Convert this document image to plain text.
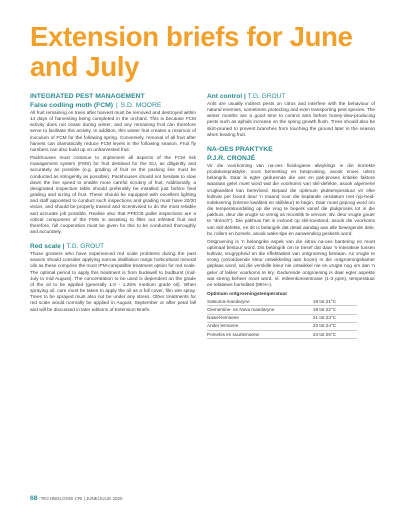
Extension briefs for June and July
INTEGRATED PEST MANAGEMENT
False codling moth (FCM) | S.D. MOORE

All fruit remaining on trees after harvest must be removed and destroyed within 14 days of harvesting being completed in the orchard. This is because FCM activity does not cease during winter, and any remaining fruit can therefore serve to facilitate this activity. In addition, this winter fruit creates a reservoir of inoculum of FCM for the following spring. Conversely, removal of all fruit after harvest can dramatically reduce FCM levels in the following season. Fruit fly numbers can also build up on unharvested fruit.

Packhouses must continue to implement all aspects of the FCM risk management system (FMS) for fruit destined for the EU, as diligently and accurately as possible (e.g. grading of fruit on the packing line must be conducted as stringently as possible). Packhouses should not hesitate to slow down the line speed to enable more careful scrutiny of fruit. Additionally, a designated inspection table should preferably be installed just before final grading and sizing of fruit. These should be equipped with excellent lighting and staff appointed to conduct such inspections and grading must have 20/20 vision, and should be properly trained and incentivised to do the most reliable and accurate job possible. Realise also that PPECB pallet inspections are a critical component of the FMS in assisting to filter out infested fruit and therefore, full cooperation must be given for this to be conducted thoroughly and accurately.

Red scale | T.G. GROUT

Those growers who have experienced red scale problems during the past season should consider applying narrow distillation range horticultural mineral oils as these comprise the most IPM-compatible treatment option for red scale. The optimal period to apply this treatment is from budswell to budburst (mid-July to mid-August). The concentration to be used is dependent on the grade of the oil to be applied (generally 1.0 - 1.25% medium grade oil). When spraying oil, care must be taken to apply the oil as a full cover, film wet spray. Trees to be sprayed must also not be under any stress. Other treatments for red scale would normally be applied in August, September or after petal fall and will be discussed in later editions of Extension Briefs.

Ant control | T.G. GROUT

Ants are usually indirect pests on citrus and interfere with the behaviour of natural enemies, sometimes protecting and even transporting pest species. The winter months are a good time to control ants before honey-dew-producing pests such as aphids increase on the spring growth flush. Trees should also be skirt-pruned to prevent branches from touching the ground later in the season when bearing fruit.

NA-OES PRAKTYKE
P.J.R. CRONJÉ

Vir die voorkoming van na-oes fisiologiese afwykings is die korrekte produksiepraktyke, soos bemesting en besproeiing, asook snoei, uiters belangrik. Daar is egter gedurende die oes en pak-proses kritieke faktore waaraan gelet moet word wat die voorkoms van skil-defekte, asook algemene vrugkwaliteit kan beïnvloed. Bepaal die optimum pluktemperatuur vir elke kultivar per boord deur 'n maand voor die beplande oesdatum met ryp-heid-indeksering (interne kwaliteit en skilkleur) te begin. Daar moet gepoog word om die temperatuurdaling op die vrug te beperk vanaf die plukproses tot in die pakhuis, deur die vrugte so vinnig as moontlik te vervoer. Bv. deur vrugte gouer te "drench"). Die pakhuis het in invloed op skil-toestand, asook die voorkoms van skil-defekte, en dit is belangrik dat detail aandag aan alle bewegende dele, bv. rollers en borsels, asook waks-tipe en aanwending geskenk word.

Ontgroening is 'n belangrike aspek van die sitrus na-oes hantering en moet optimaal bestuur word. Dis belangrik om te besef dat daar 'n interaksie tussen kultivar, vrugrypheid en die effektiwiteit van ontgroening bestaan. As vrugte te vroeg (onvoldoende kleur ontwikkeling aan boom) in die ontgroeningskamer geplaas word, sal die verskille kleur nie ontwikkel nie en vrugte nog om dan 'n geler of lakker voorkoms te kry. Gedurende ontgroening is daar egter aspekte wat streng beheer moet word, nl. etileenkonsentrasie (1-3 ppm), temperatuur en relatiewe humiditeit (95%+).

Optimum ontgroeningstemperatuur
Satsuma-mandaryne	18 tot 21°C
Clementine- en Nova mandaryne	19 tot 22°C
Nawel-lemoene	21 tot 23°C
Ander lemoene	23 tot 24°C
Pomelos en suurlemoene	24 tot 25°C
68 TECHNOLOGIE CRI | JUNE/JULIE 2020
